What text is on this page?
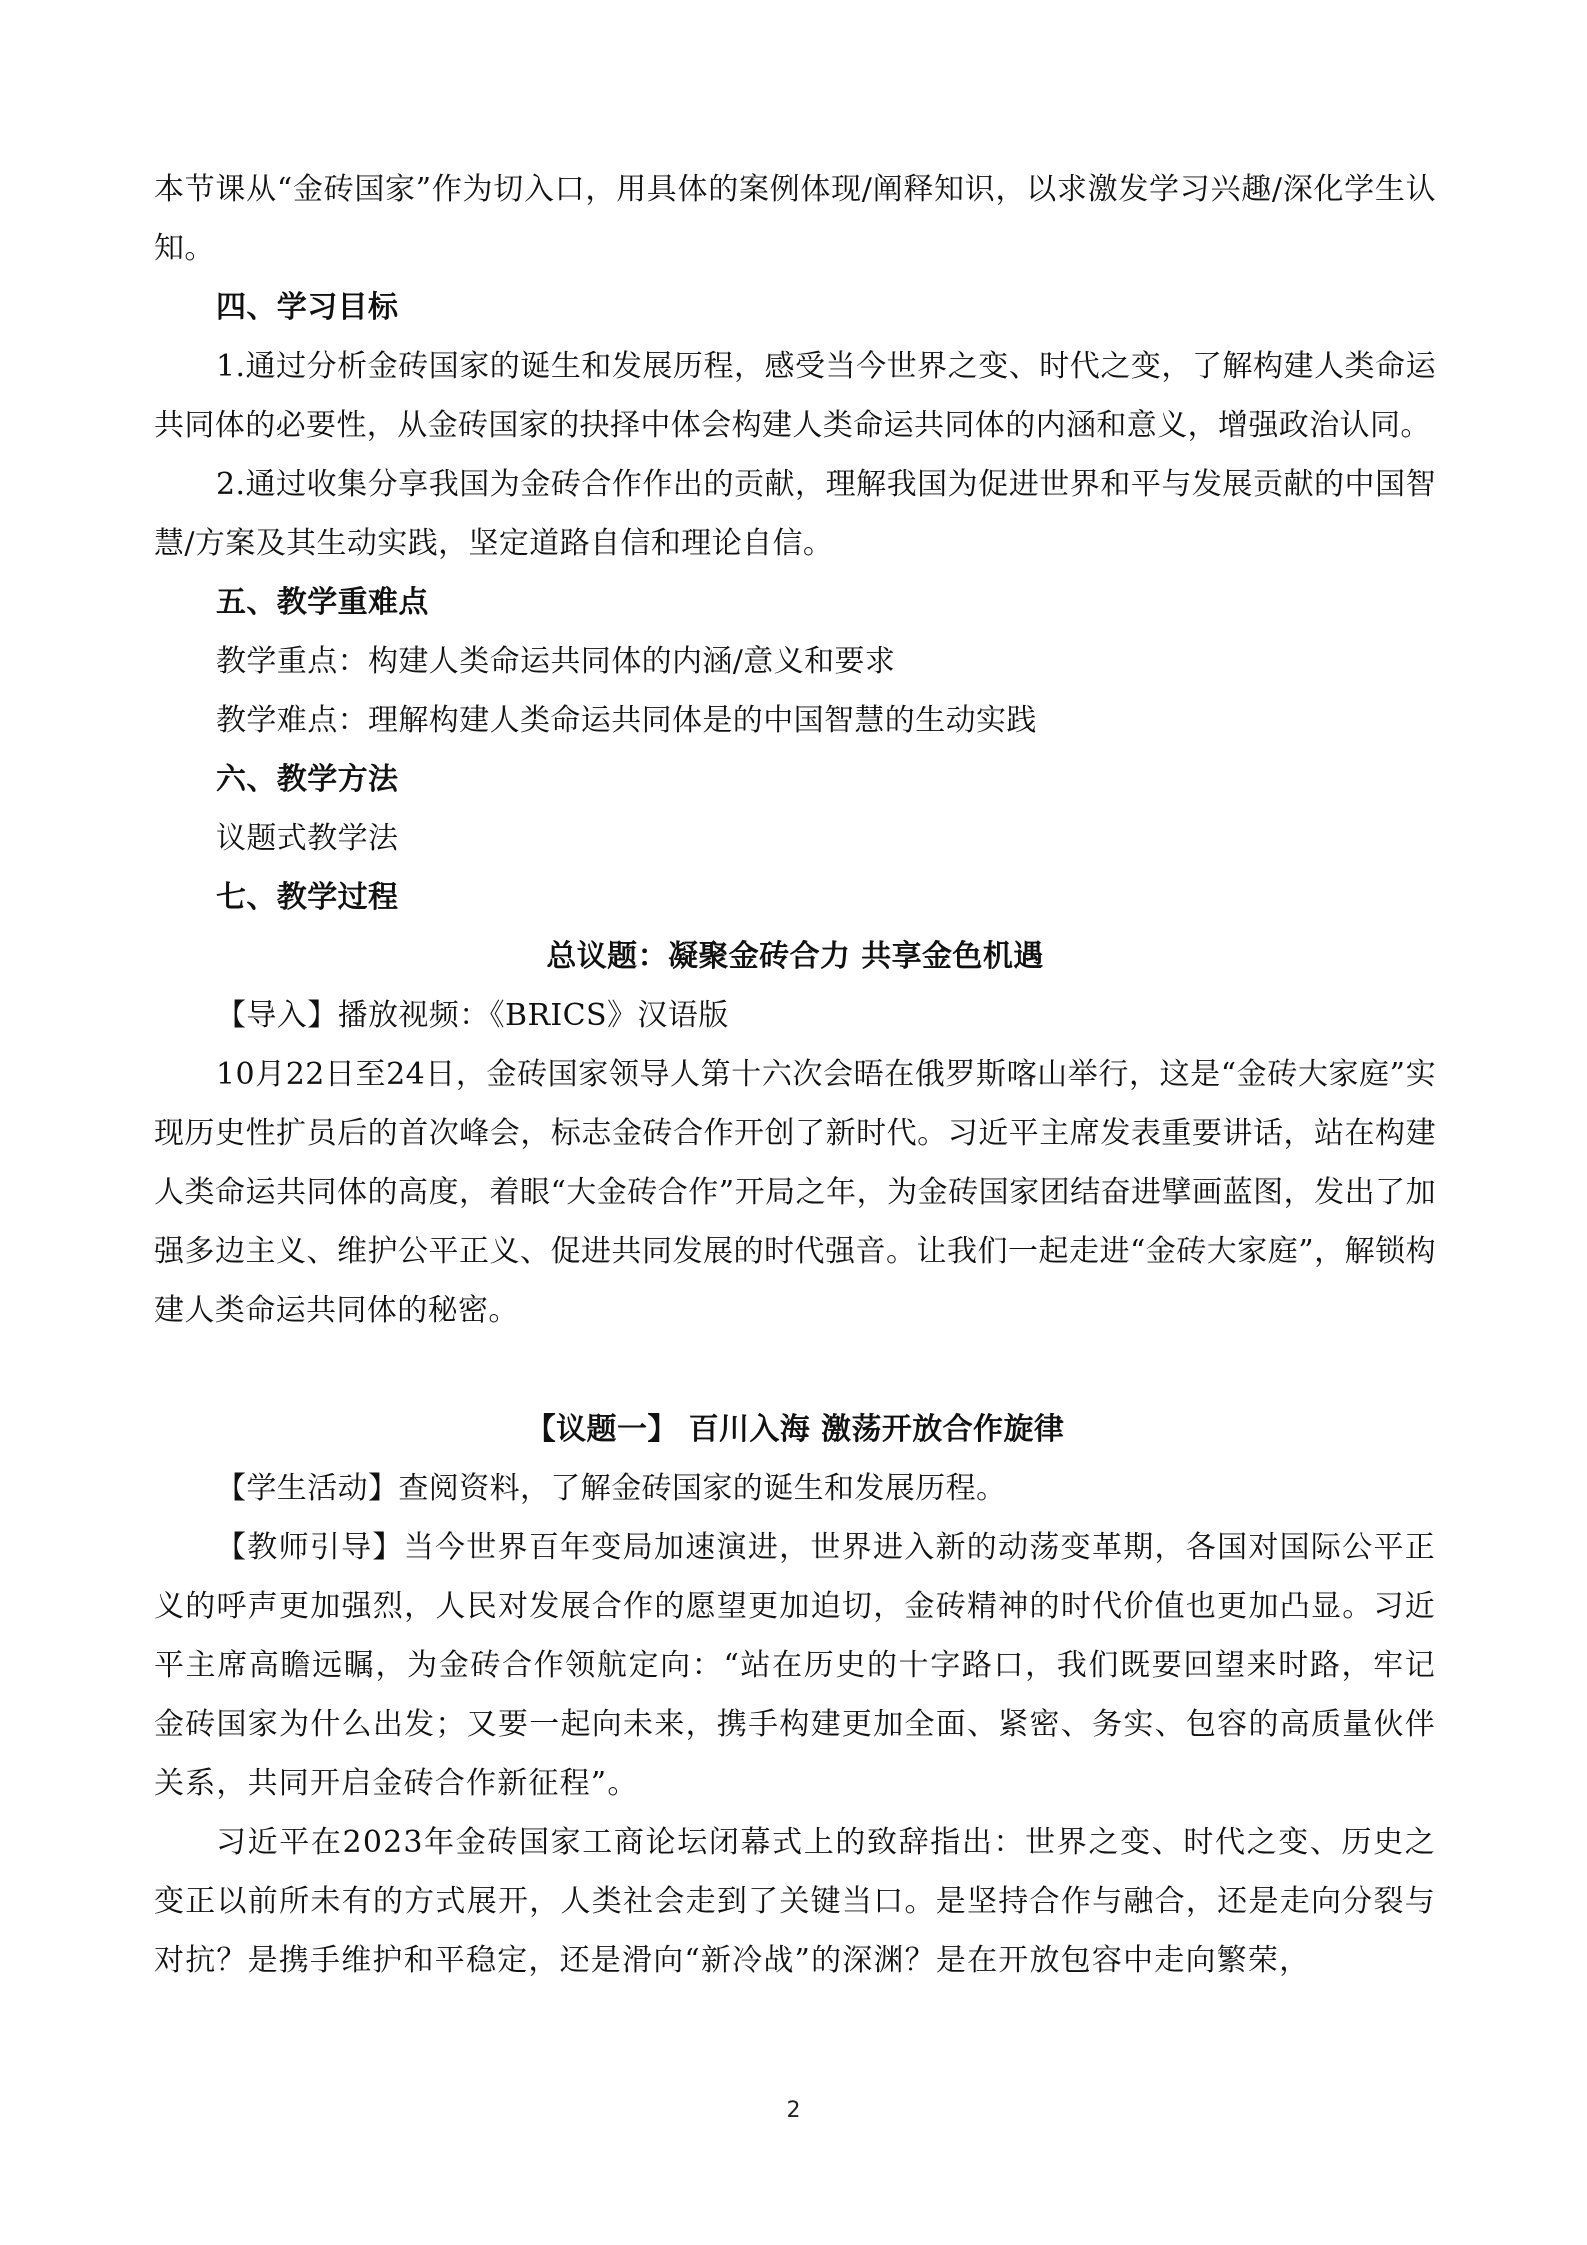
本节课从“金砖国家”作为切入口，用具体的案例体现/阐释知识，以求激发学习兴趣/深化学生认知。

四、学习目标

1.通过分析金砖国家的诞生和发展历程，感受当今世界之变、时代之变，了解构建人类命运共同体的必要性，从金砖国家的抉择中体会构建人类命运共同体的内涵和意义，增强政治认同。

2.通过收集分享我国为金砖合作作出的贡献，理解我国为促进世界和平与发展贡献的中国智慧/方案及其生动实践，坚定道路自信和理论自信。

五、教学重难点

教学重点：构建人类命运共同体的内涵/意义和要求

教学难点：理解构建人类命运共同体是的中国智慧的生动实践

六、教学方法

议题式教学法

七、教学过程

总议题：凝聚金砖合力 共享金色机遇

【导入】播放视频：《BRICS》汉语版

10月22日至24日，金砖国家领导人第十六次会晤在俄罗斯喀山举行，这是“金砖大家庭”实现历史性扩员后的首次峰会，标志金砖合作开创了新时代。习近平主席发表重要讲话，站在构建人类命运共同体的高度，着眼“大金砖合作”开局之年，为金砖国家团结奋进擘画蓝图，发出了加强多边主义、维护公平正义、促进共同发展的时代强音。让我们一起走进“金砖大家庭”，解锁构建人类命运共同体的秘密。

【议题一】 百川入海 激荡开放合作旋律

【学生活动】查阅资料，了解金砖国家的诞生和发展历程。

【教师引导】当今世界百年变局加速演进，世界进入新的动荡变革期，各国对国际公平正义的呼声更加强烈，人民对发展合作的愿望更加迫切，金砖精神的时代价值也更加凸显。习近平主席高瞻远瞩，为金砖合作领航定向：“站在历史的十字路口，我们既要回望来时路，牢记金砖国家为什么出发；又要一起向未来，携手构建更加全面、紧密、务实、包容的高质量伙伴关系，共同开启金砖合作新征程”。

习近平在2023年金砖国家工商论坛闭幕式上的致辞指出：世界之变、时代之变、历史之变正以前所未有的方式展开，人类社会走到了关键当口。是坚持合作与融合，还是走向分裂与对抗？是携手维护和平稳定，还是滑向“新冷战”的深渊？是在开放包容中走向繁荣，

2
